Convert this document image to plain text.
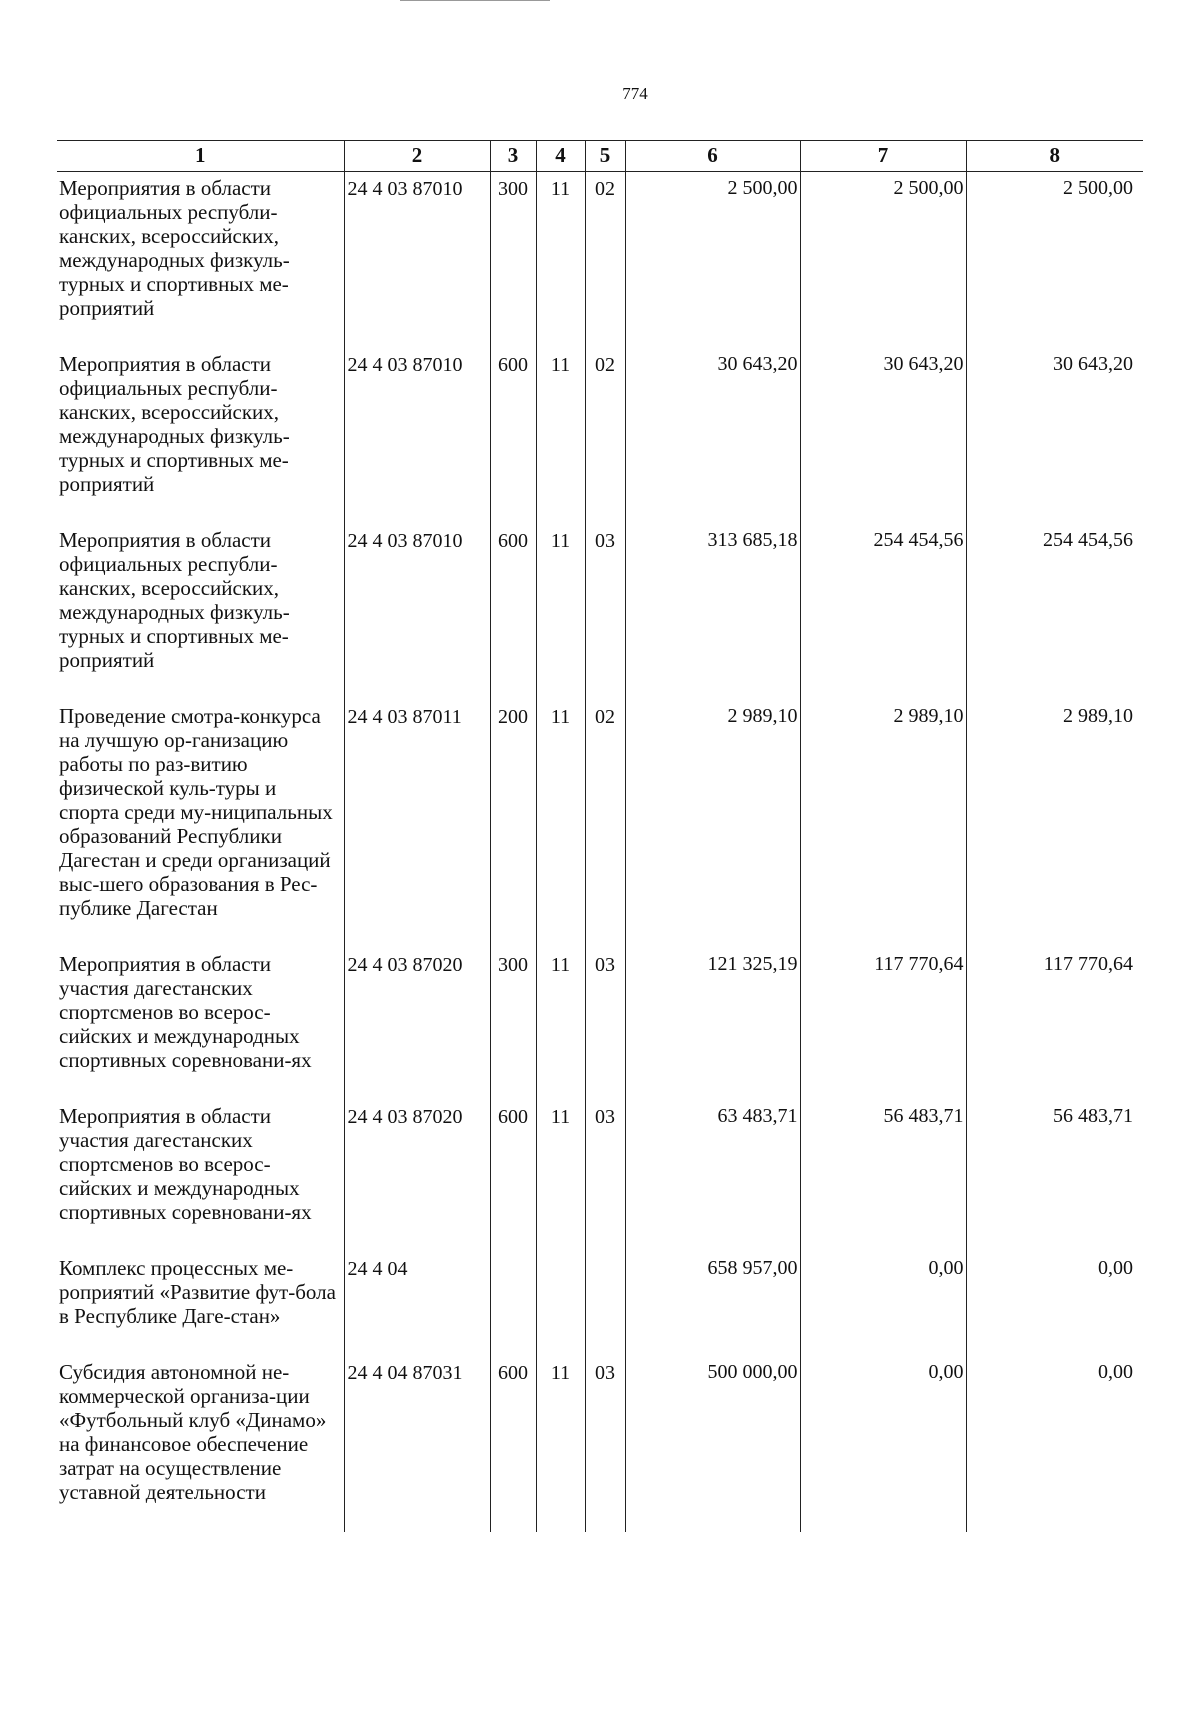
774
1	2	3	4	5	6	7	8
Мероприятия в области официальных республи-канских, всероссийских, международных физкуль-турных и спортивных ме-роприятий	24 4 03 87010	300	11	02	2 500,00	2 500,00	2 500,00
Мероприятия в области официальных республи-канских, всероссийских, международных физкуль-турных и спортивных ме-роприятий	24 4 03 87010	600	11	02	30 643,20	30 643,20	30 643,20
Мероприятия в области официальных республи-канских, всероссийских, международных физкуль-турных и спортивных ме-роприятий	24 4 03 87010	600	11	03	313 685,18	254 454,56	254 454,56
Проведение смотра-конкурса на лучшую ор-ганизацию работы по раз-витию физической куль-туры и спорта среди му-ниципальных образований Республики Дагестан и среди организаций выс-шего образования в Рес-публике Дагестан	24 4 03 87011	200	11	02	2 989,10	2 989,10	2 989,10
Мероприятия в области участия дагестанских спортсменов во всерос-сийских и международных спортивных соревновани-ях	24 4 03 87020	300	11	03	121 325,19	117 770,64	117 770,64
Мероприятия в области участия дагестанских спортсменов во всерос-сийских и международных спортивных соревновани-ях	24 4 03 87020	600	11	03	63 483,71	56 483,71	56 483,71
Комплекс процессных ме-роприятий «Развитие фут-бола в Республике Даге-стан»	24 4 04				658 957,00	0,00	0,00
Субсидия автономной не-коммерческой организа-ции «Футбольный клуб «Динамо» на финансовое обеспечение затрат на осуществление уставной деятельности	24 4 04 87031	600	11	03	500 000,00	0,00	0,00
